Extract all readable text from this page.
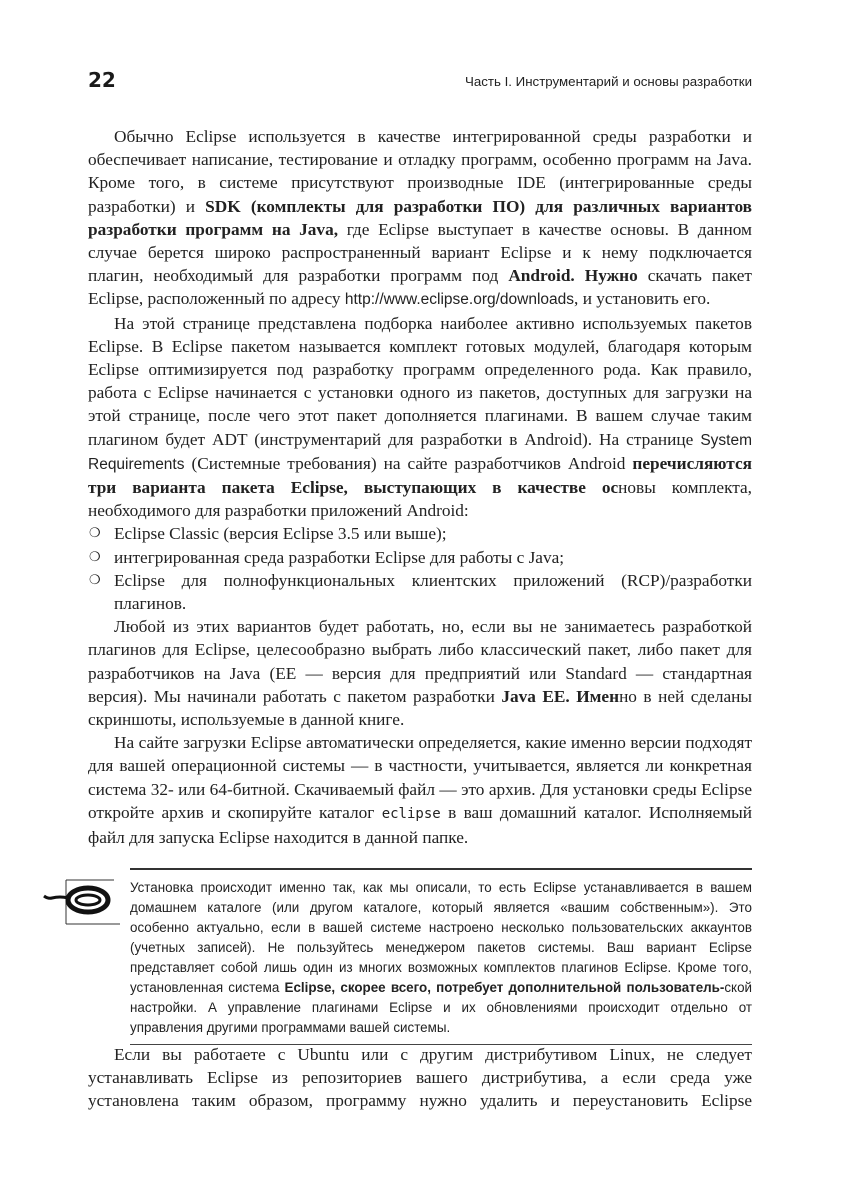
22	Часть I. Инструментарий и основы разработки

Обычно Eclipse используется в качестве интегрированной среды разработки и обеспечивает написание, тестирование и отладку программ, особенно программ на Java. Кроме того, в системе присутствуют производные IDE (интегрированные среды разработки) и SDK (комплекты для разработки ПО) для различных вариантов разработки программ на Java, где Eclipse выступает в качестве основы. В данном случае берется широко распространенный вариант Eclipse и к нему подключается плагин, необходимый для разработки программ под Android. Нужно скачать пакет Eclipse, расположенный по адресу http://www.eclipse.org/downloads, и установить его.

На этой странице представлена подборка наиболее активно используемых пакетов Eclipse. В Eclipse пакетом называется комплект готовых модулей, благодаря которым Eclipse оптимизируется под разработку программ определенного рода. Как правило, работа с Eclipse начинается с установки одного из пакетов, доступных для загрузки на этой странице, после чего этот пакет дополняется плагинами. В вашем случае таким плагином будет ADT (инструментарий для разработки в Android). На странице System Requirements (Системные требования) на сайте разработчиков Android перечисляются три варианта пакета Eclipse, выступающих в качестве основы комплекта, необходимого для разработки приложений Android:

❍ Eclipse Classic (версия Eclipse 3.5 или выше);
❍ интегрированная среда разработки Eclipse для работы с Java;
❍ Eclipse для полнофункциональных клиентских приложений (RCP)/разработки плагинов.

Любой из этих вариантов будет работать, но, если вы не занимаетесь разработкой плагинов для Eclipse, целесообразно выбрать либо классический пакет, либо пакет для разработчиков на Java (EE — версия для предприятий или Standard — стандартная версия). Мы начинали работать с пакетом разработки Java EE. Именно в ней сделаны скриншоты, используемые в данной книге.

На сайте загрузки Eclipse автоматически определяется, какие именно версии подходят для вашей операционной системы — в частности, учитывается, является ли конкретная система 32- или 64-битной. Скачиваемый файл — это архив. Для установки среды Eclipse откройте архив и скопируйте каталог eclipse в ваш домашний каталог. Исполняемый файл для запуска Eclipse находится в данной папке.

Установка происходит именно так, как мы описали, то есть Eclipse устанавливается в вашем домашнем каталоге (или другом каталоге, который является «вашим собственным»). Это особенно актуально, если в вашей системе настроено несколько пользовательских аккаунтов (учетных записей). Не пользуйтесь менеджером пакетов системы. Ваш вариант Eclipse представляет собой лишь один из многих возможных комплектов плагинов Eclipse. Кроме того, установленная система Eclipse, скорее всего, потребует дополнительной пользователь-ской настройки. А управление плагинами Eclipse и их обновлениями происходит отдельно от управления другими программами вашей системы.

Если вы работаете с Ubuntu или с другим дистрибутивом Linux, не следует устанавливать Eclipse из репозиториев вашего дистрибутива, а если среда уже установлена таким образом, программу нужно удалить и переустановить Eclipse
